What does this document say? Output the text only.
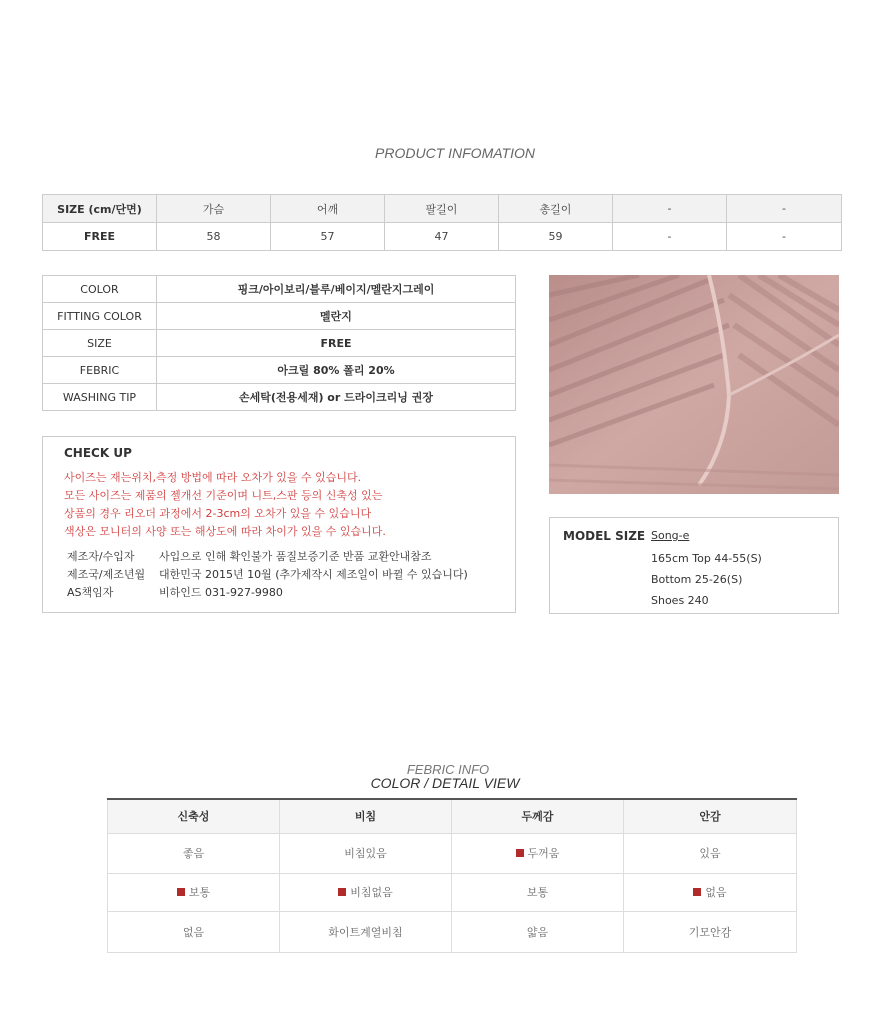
PRODUCT INFOMATION
SIZE (cm/단면)	가슴	어깨	팔길이	총길이	-	-
FREE	58	57	47	59	-	-
COLOR	핑크/아이보리/블루/베이지/멜란지그레이
FITTING COLOR	멜란지
SIZE	FREE
FEBRIC	아크릴 80% 폴리 20%
WASHING TIP	손세탁(전용세재) or 드라이크리닝 권장
CHECK UP
사이즈는 재는위치,측정 방법에 따라 오차가 있을 수 있습니다.
모든 사이즈는 제품의 젤개선 기준이며 니트,스판 등의 신축성 있는
상품의 경우 리오더 과정에서 2-3cm의 오차가 있을 수 있습니다
색상은 모니터의 사양 또는 해상도에 따라 차이가 있을 수 있습니다.
제조자/수입자	사입으로 인해 확인불가 품질보증기준 반품 교환안내참조
제조국/제조년월	대한민국 2015년 10월 (추가제작시 제조일이 바뀔 수 있습니다)
AS책임자	비하인드 031-927-9980
MODEL SIZE Song-e
165cm Top 44-55(S)
Bottom 25-26(S)
Shoes 240
FEBRIC INFO
COLOR / DETAIL VIEW
신축성	비침	두께감	안감
좋음	비침있음	두꺼움	있음
보통	비침없음	보통	없음
없음	화이트계열비침	얇음	기모안감
